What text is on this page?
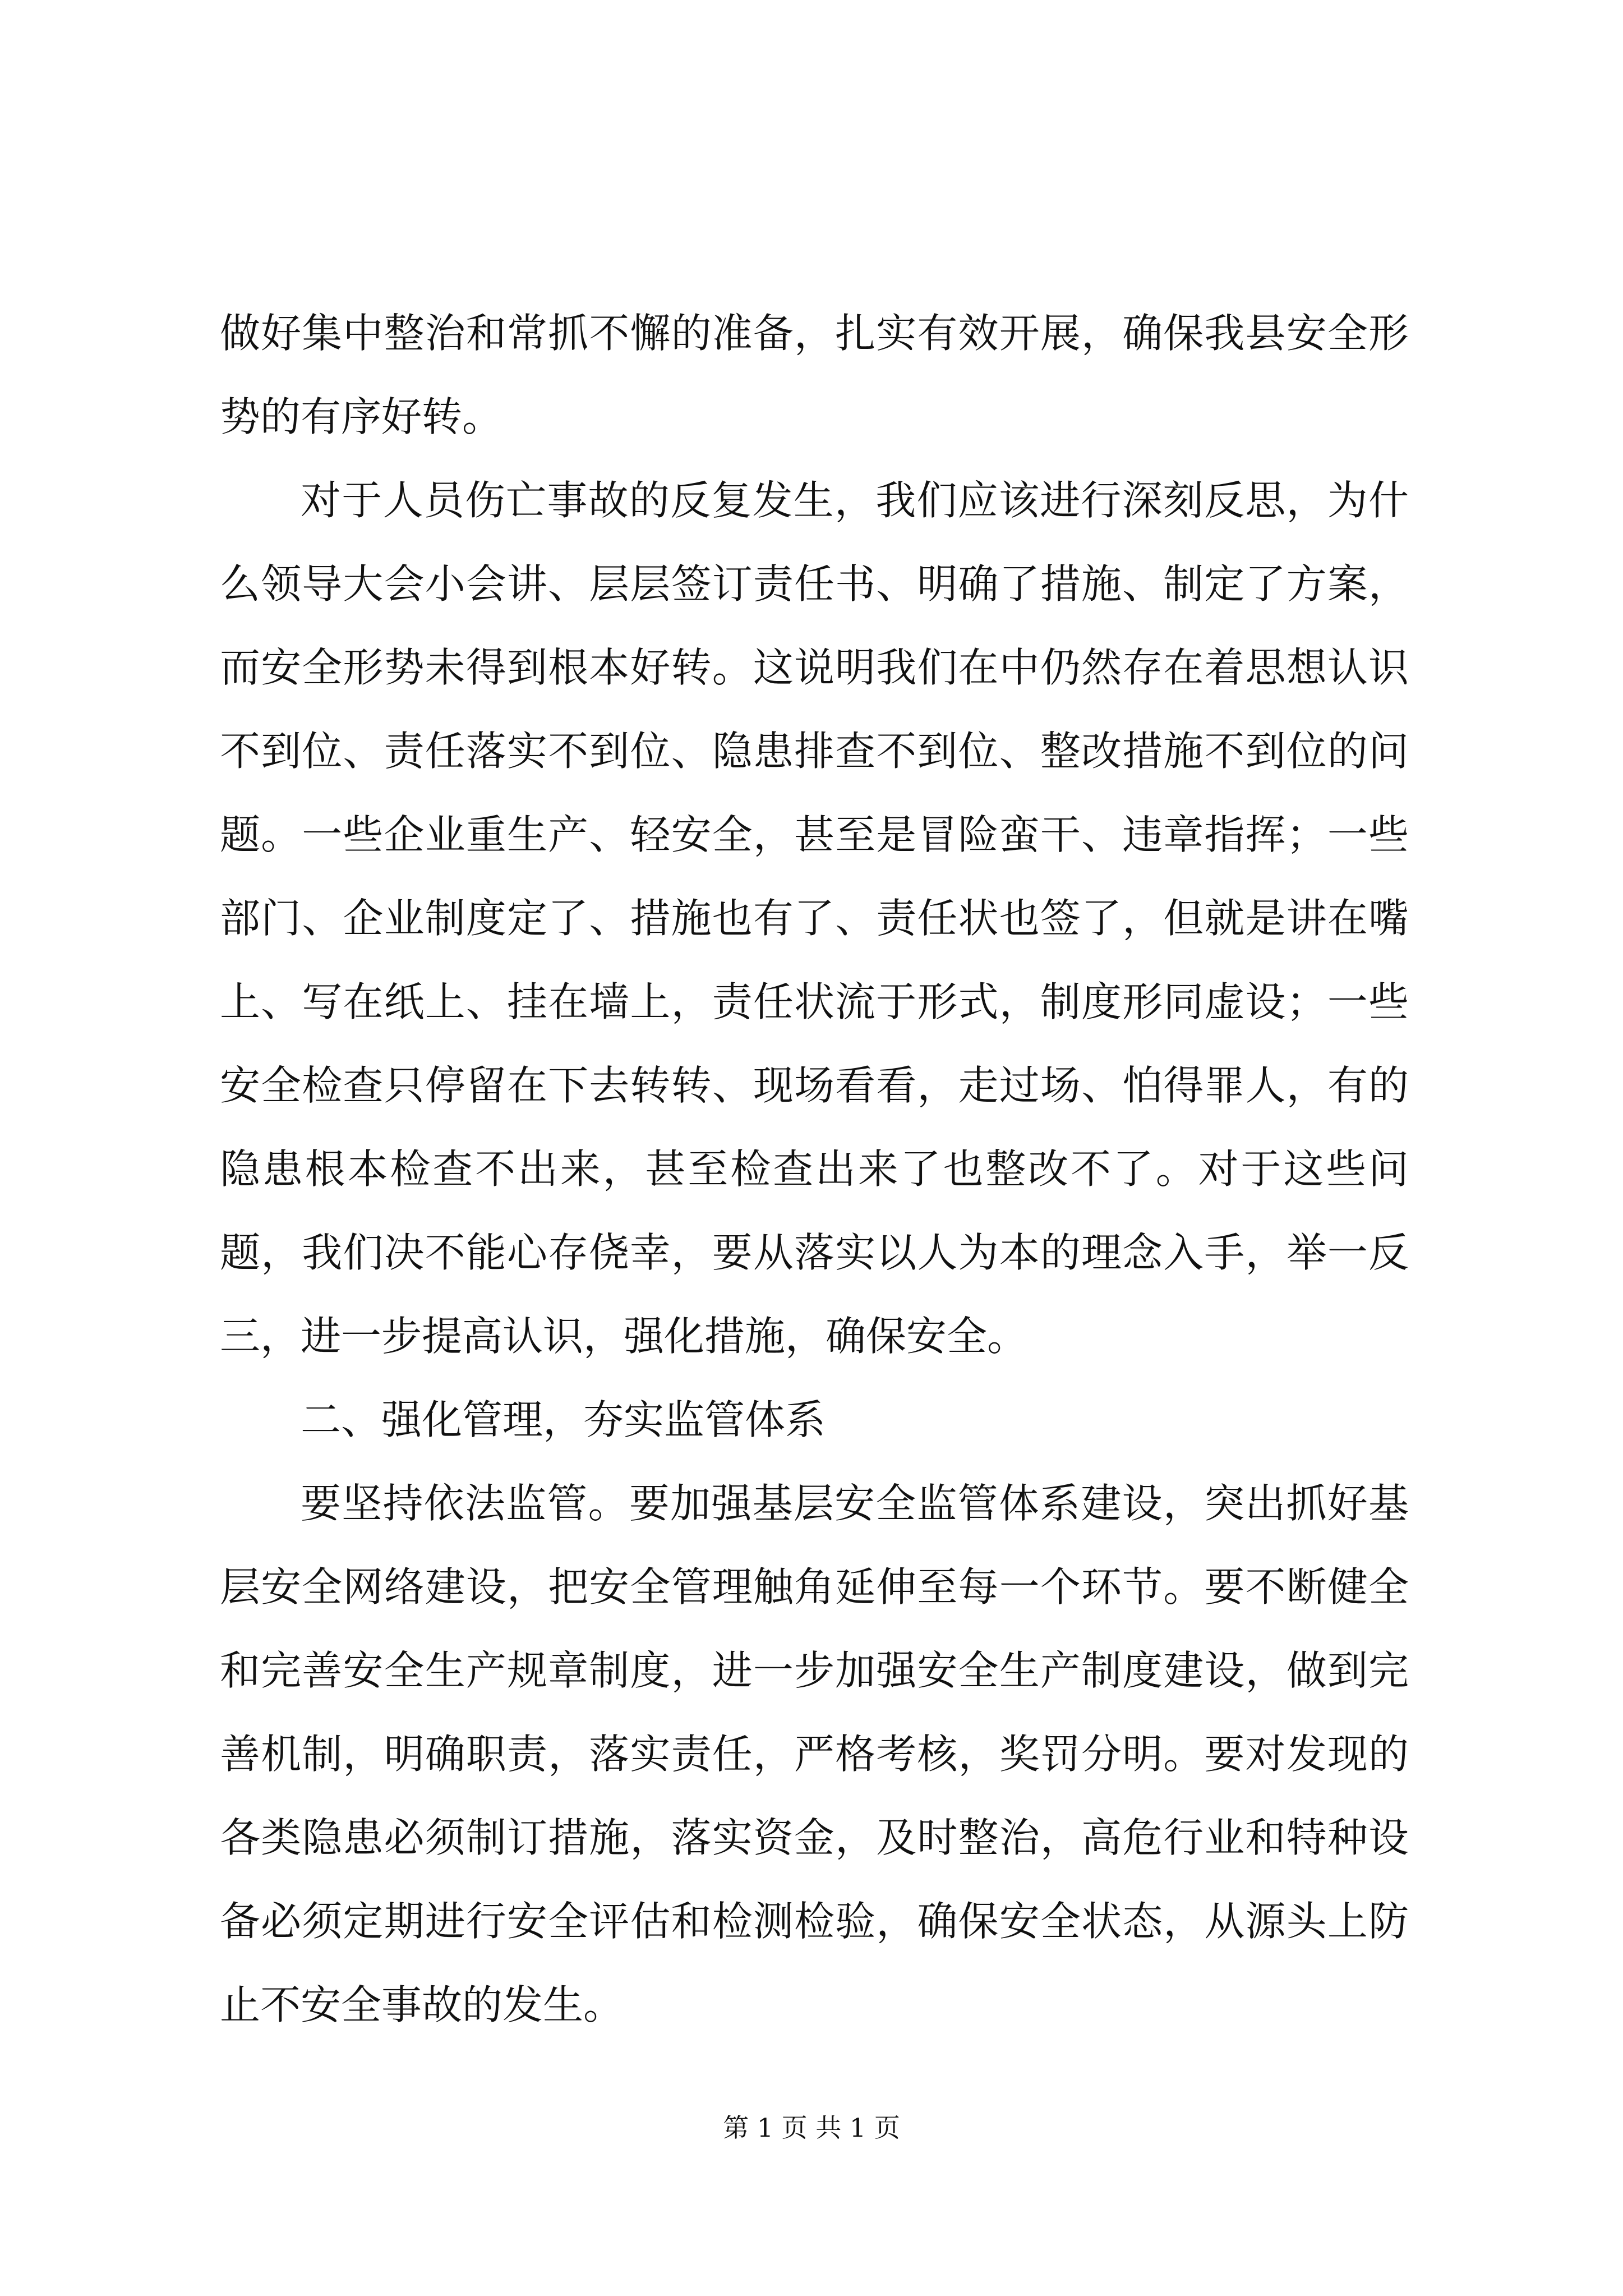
做好集中整治和常抓不懈的准备，扎实有效开展，确保我县安全形势的有序好转。

对于人员伤亡事故的反复发生，我们应该进行深刻反思，为什么领导大会小会讲、层层签订责任书、明确了措施、制定了方案，而安全形势未得到根本好转。这说明我们在中仍然存在着思想认识不到位、责任落实不到位、隐患排查不到位、整改措施不到位的问题。一些企业重生产、轻安全，甚至是冒险蛮干、违章指挥；一些部门、企业制度定了、措施也有了、责任状也签了，但就是讲在嘴上、写在纸上、挂在墙上，责任状流于形式，制度形同虚设；一些安全检查只停留在下去转转、现场看看，走过场、怕得罪人，有的隐患根本检查不出来，甚至检查出来了也整改不了。对于这些问题，我们决不能心存侥幸，要从落实以人为本的理念入手，举一反三，进一步提高认识，强化措施，确保安全。

二、强化管理，夯实监管体系

要坚持依法监管。要加强基层安全监管体系建设，突出抓好基层安全网络建设，把安全管理触角延伸至每一个环节。要不断健全和完善安全生产规章制度，进一步加强安全生产制度建设，做到完善机制，明确职责，落实责任，严格考核，奖罚分明。要对发现的各类隐患必须制订措施，落实资金，及时整治，高危行业和特种设备必须定期进行安全评估和检测检验，确保安全状态，从源头上防止不安全事故的发生。

第 1 页 共 1 页
